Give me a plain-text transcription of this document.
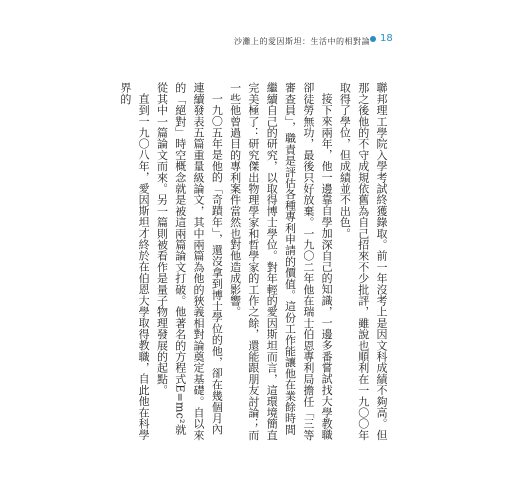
沙灘上的愛因斯坦：生活中的相對論 18

聯邦理工學院入學考試終獲錄取。前一年沒考上是因文科成績不夠高。但那之後他的不守成規依舊為自己招來不少批評，雖說也順利在一九〇〇年取得了學位，但成績並不出色。

接下來兩年，他一邊靠自學加深自己的知識，一邊多番嘗試找大學教職卻徒勞無功，最後只好放棄。一九〇二年他在瑞士伯恩專利局擔任「三等審查員」，職責是評估各種專利申請的價值。這份工作能讓他在業餘時間繼續自己的研究，以取得博士學位。對年輕的愛因斯坦而言，這環境簡直完美極了：研究傑出物理學家和哲學家的工作之餘，還能跟朋友討論；而一些他曾過目的專利案件當然也對他造成影響。

一九〇五年是他的「奇蹟年」，還沒拿到博士學位的他，卻在幾個月內連續發表五篇重量級論文，其中兩篇為他的狹義相對論奠定基礎。自以來的「絕對」時空概念就是被這兩篇論文打破。他著名的方程式E=mc²就從其中一篇論文而來。另一篇則被看作是量子物理發展的起點。

直到一九〇八年，愛因斯坦才終於在伯恩大學取得教職，自此他在科學界的
